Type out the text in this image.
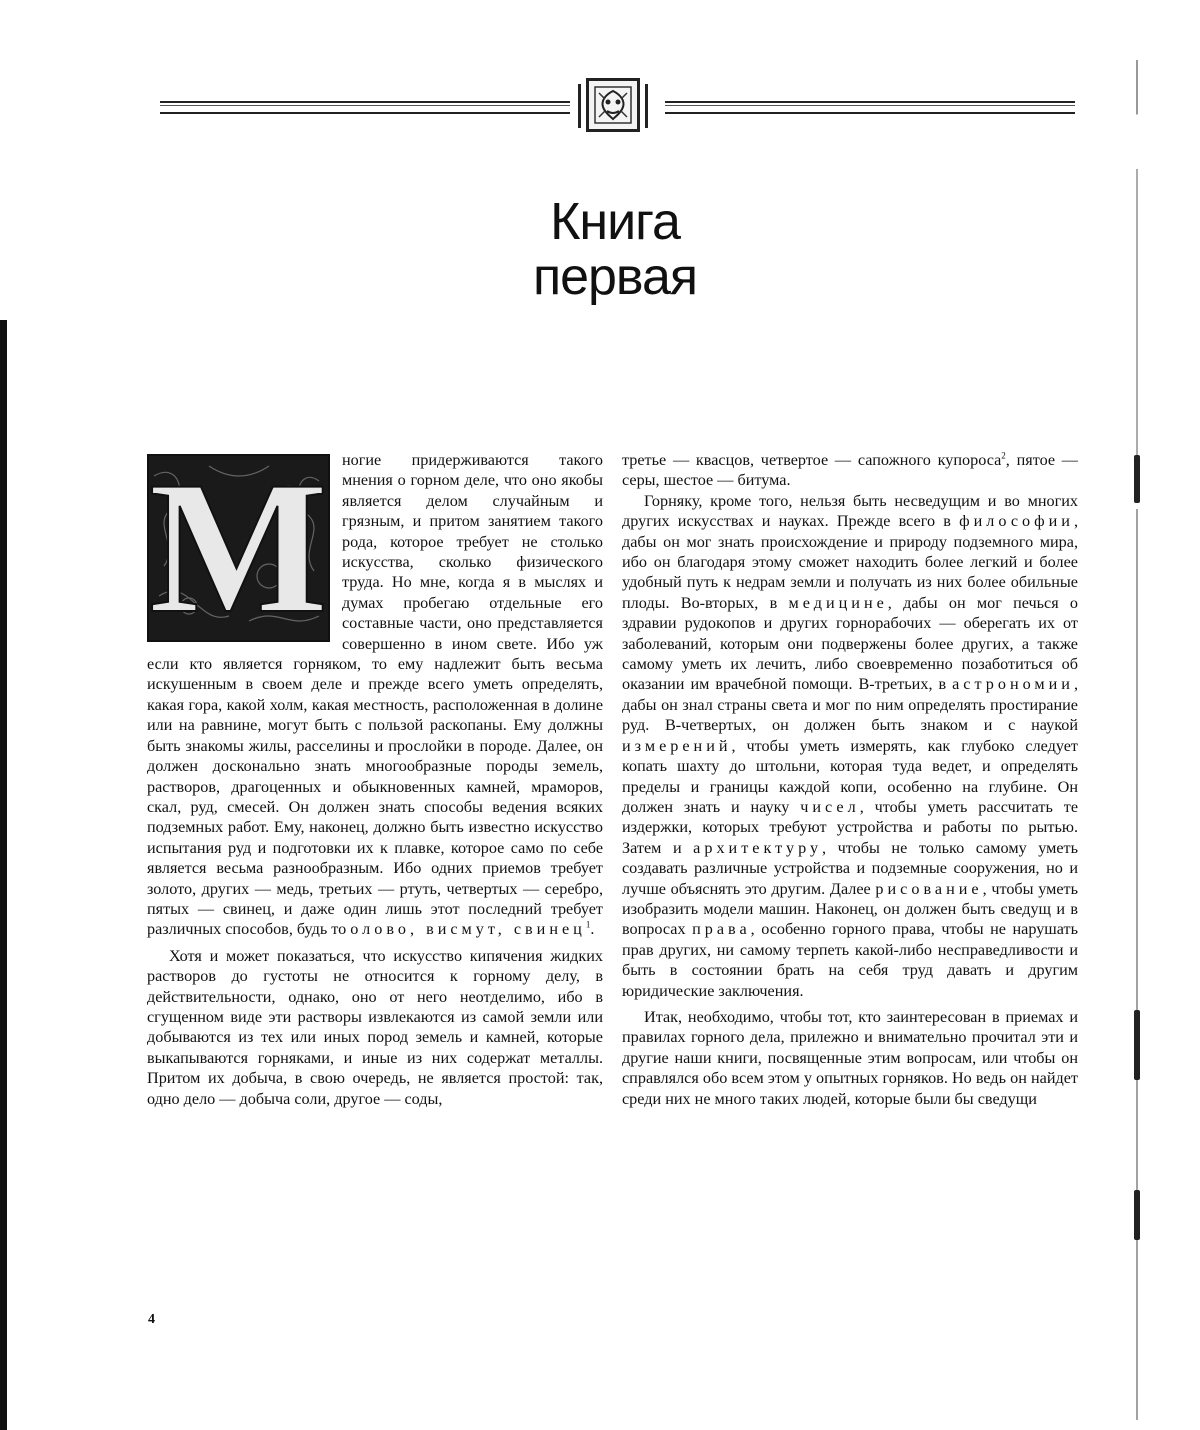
Книга
первая
М ногие придерживаются такого мнения о горном деле, что оно якобы является делом случайным и грязным, и притом занятием такого рода, которое требует не столько искусства, сколько физического труда. Но мне, когда я в мыслях и думах пробегаю отдельные его составные части, оно представляется совершенно в ином свете. Ибо уж если кто является горняком, то ему надлежит быть весьма искушенным в своем деле и прежде всего уметь определять, какая гора, какой холм, какая местность, расположенная в долине или на равнине, могут быть с пользой раскопаны. Ему должны быть знакомы жилы, расселины и прослойки в породе. Далее, он должен досконально знать многообразные породы земель, растворов, драгоценных и обыкновенных камней, мраморов, скал, руд, смесей. Он должен знать способы ведения всяких подземных работ. Ему, наконец, должно быть известно искусство испытания руд и подготовки их к плавке, которое само по себе является весьма разнообразным. Ибо одних приемов требует золото, других — медь, третьих — ртуть, четвертых — серебро, пятых — свинец, и даже один лишь этот последний требует различных способов, будь то олово, висмут, свинец$^1$.

Хотя и может показаться, что искусство кипячения жидких растворов до густоты не относится к горному делу, в действительности, однако, оно от него неотделимо, ибо в сгущенном виде эти растворы извлекаются из самой земли или добываются из тех или иных пород земель и камней, которые выкапываются горняками, и иные из них содержат металлы. Притом их добыча, в свою очередь, не является простой: так, одно дело — добыча соли, другое — соды,

третье — квасцов, четвертое — сапожного купороса$^2$, пятое — серы, шестое — битума.

Горняку, кроме того, нельзя быть несведущим и во многих других искусствах и науках. Прежде всего в философии, дабы он мог знать происхождение и природу подземного мира, ибо он благодаря этому сможет находить более легкий и более удобный путь к недрам земли и получать из них более обильные плоды. Во-вторых, в медицине, дабы он мог печься о здравии рудокопов и других горнорабочих — оберегать их от заболеваний, которым они подвержены более других, а также самому уметь их лечить, либо своевременно позаботиться об оказании им врачебной помощи. В-третьих, в астрономии, дабы он знал страны света и мог по ним определять простирание руд. В-четвертых, он должен быть знаком и с наукой измерений, чтобы уметь измерять, как глубоко следует копать шахту до штольни, которая туда ведет, и определять пределы и границы каждой копи, особенно на глубине. Он должен знать и науку чисел, чтобы уметь рассчитать те издержки, которых требуют устройства и работы по рытью. Затем и архитектуру, чтобы не только самому уметь создавать различные устройства и подземные сооружения, но и лучше объяснять это другим. Далее рисование, чтобы уметь изобразить модели машин. Наконец, он должен быть сведущ и в вопросах права, особенно горного права, чтобы не нарушать прав других, ни самому терпеть какой-либо несправедливости и быть в состоянии брать на себя труд давать и другим юридические заключения.

Итак, необходимо, чтобы тот, кто заинтересован в приемах и правилах горного дела, прилежно и внимательно прочитал эти и другие наши книги, посвященные этим вопросам, или чтобы он справлялся обо всем этом у опытных горняков. Но ведь он найдет среди них не много таких людей, которые были бы сведущи

4
